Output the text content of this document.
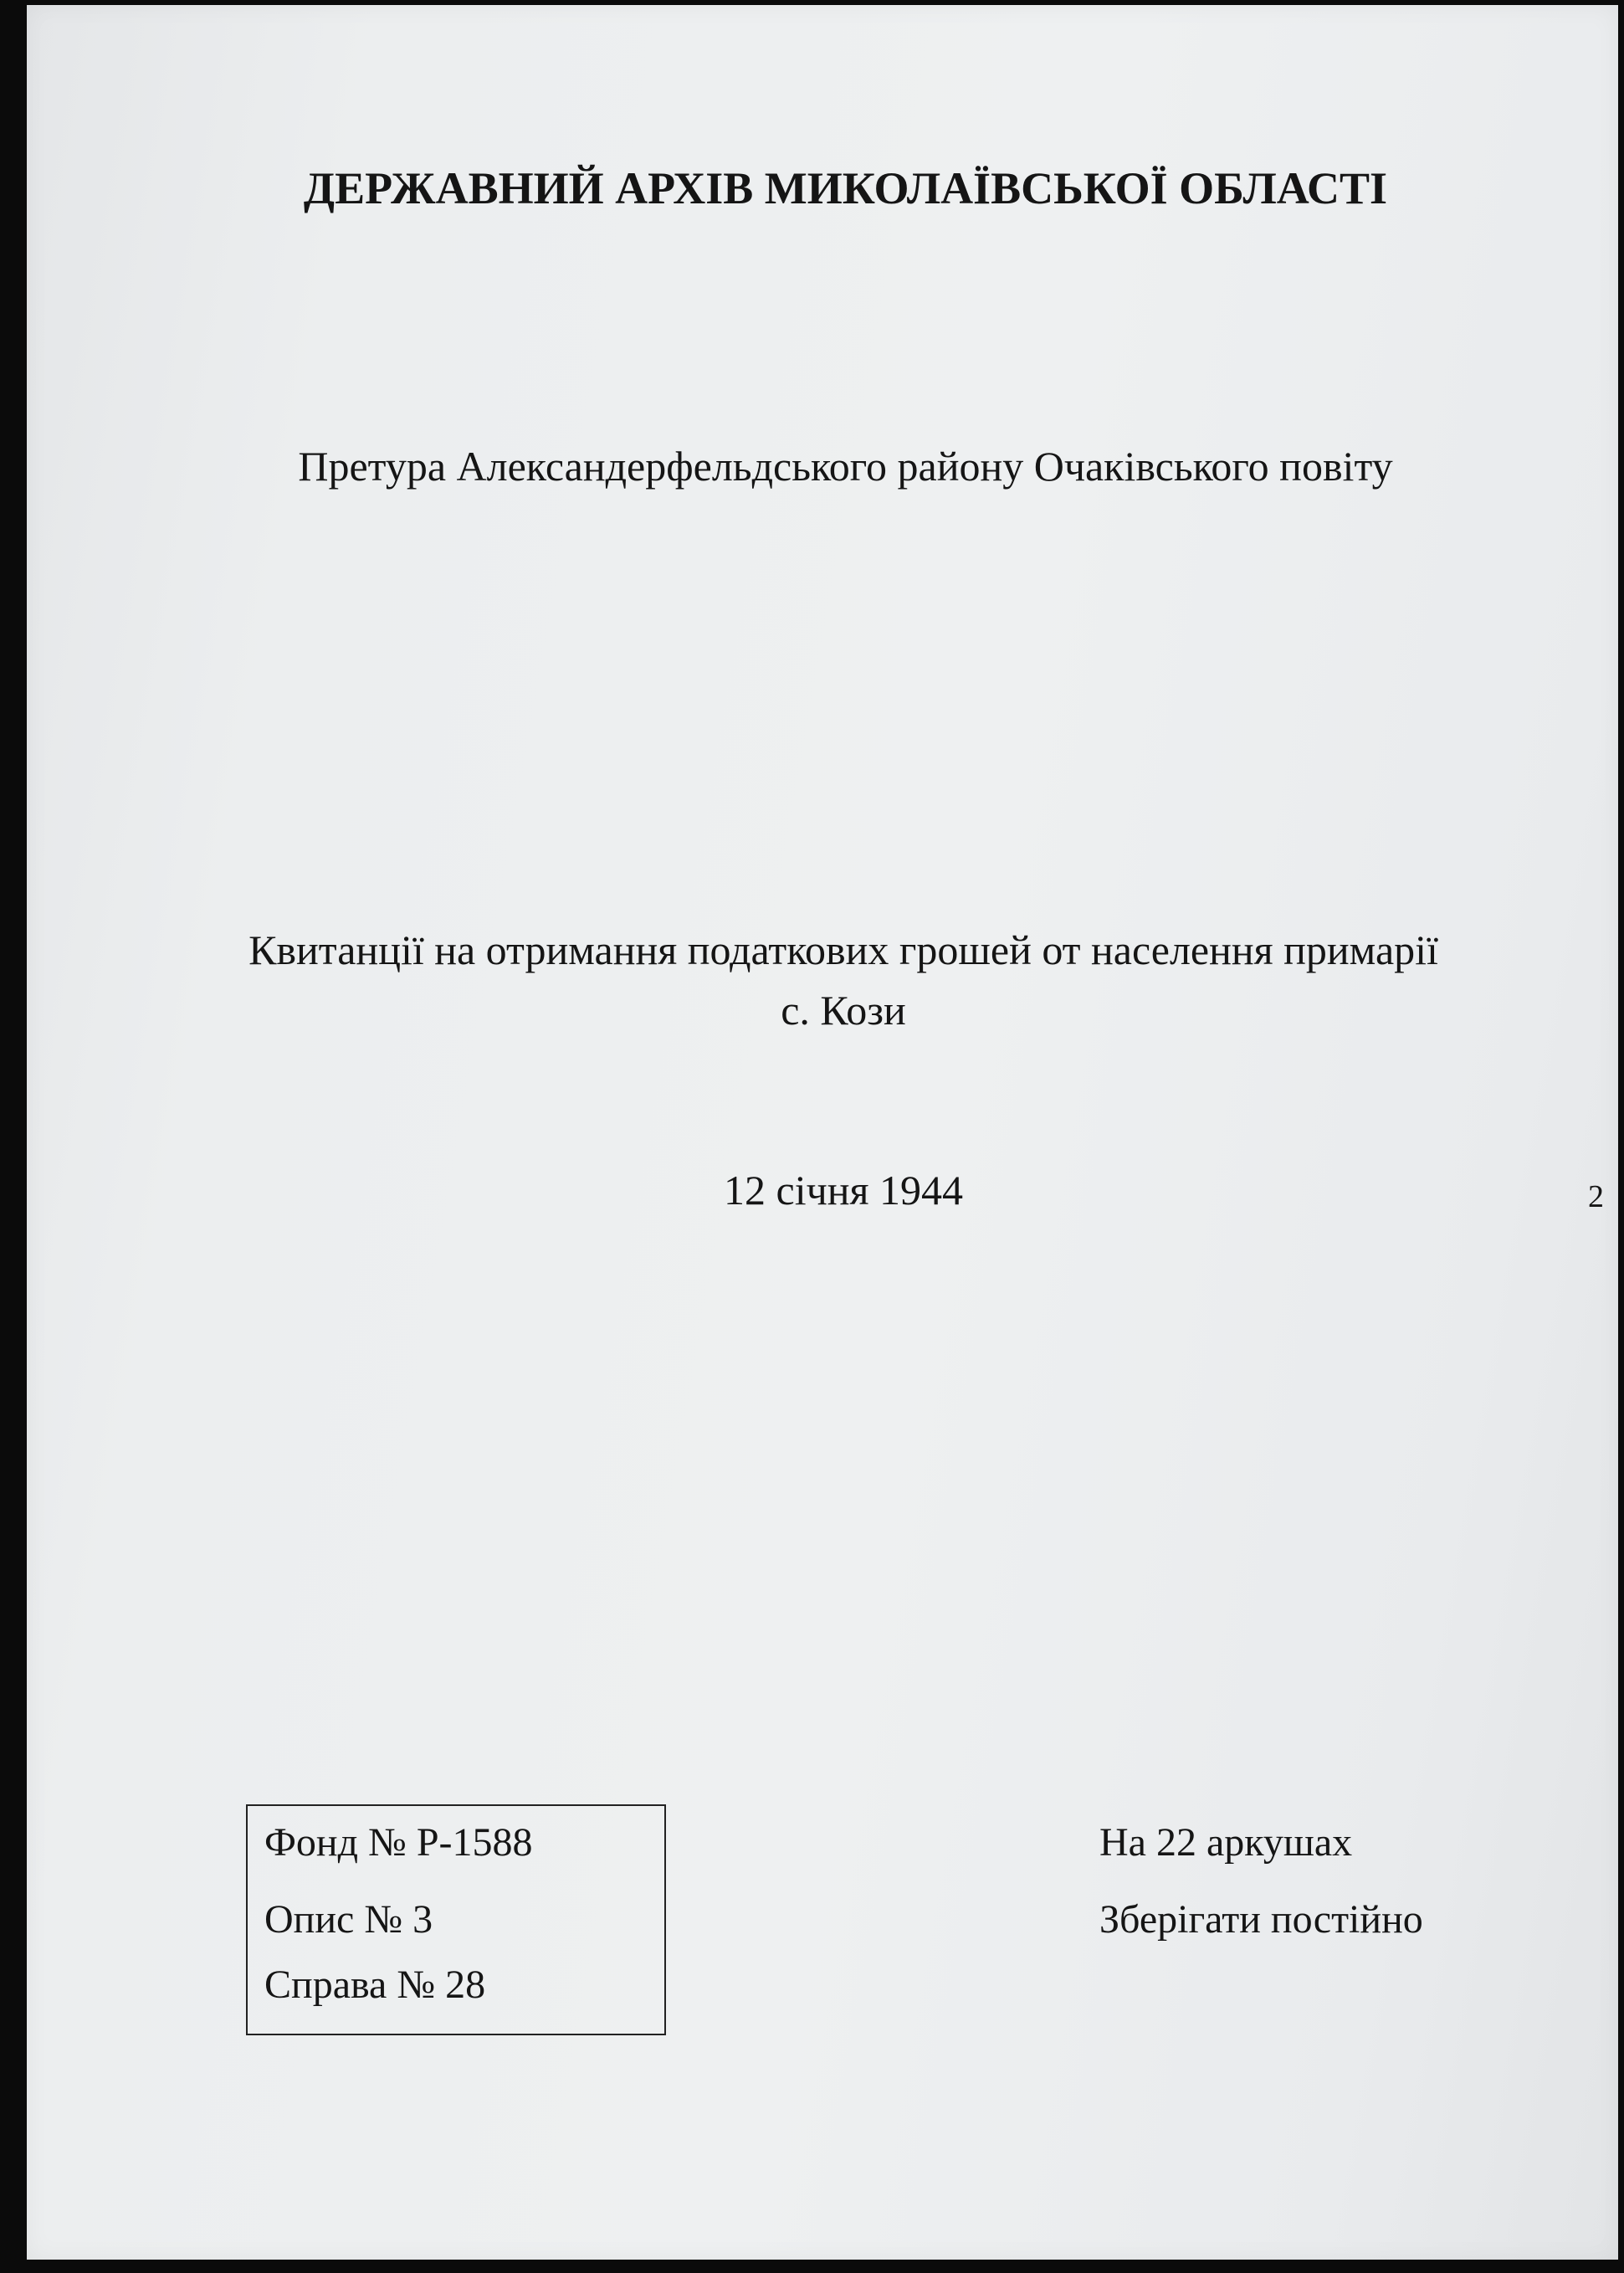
ДЕРЖАВНИЙ АРХІВ МИКОЛАЇВСЬКОЇ ОБЛАСТІ

Претура Александерфельдського району Очаківського повіту

Квитанції на отримання податкових грошей от населення примарії

с. Кози

12 січня 1944	2

Фонд № Р-1588

Опис № 3

Справа № 28

На 22 аркушах

Зберігати постійно
